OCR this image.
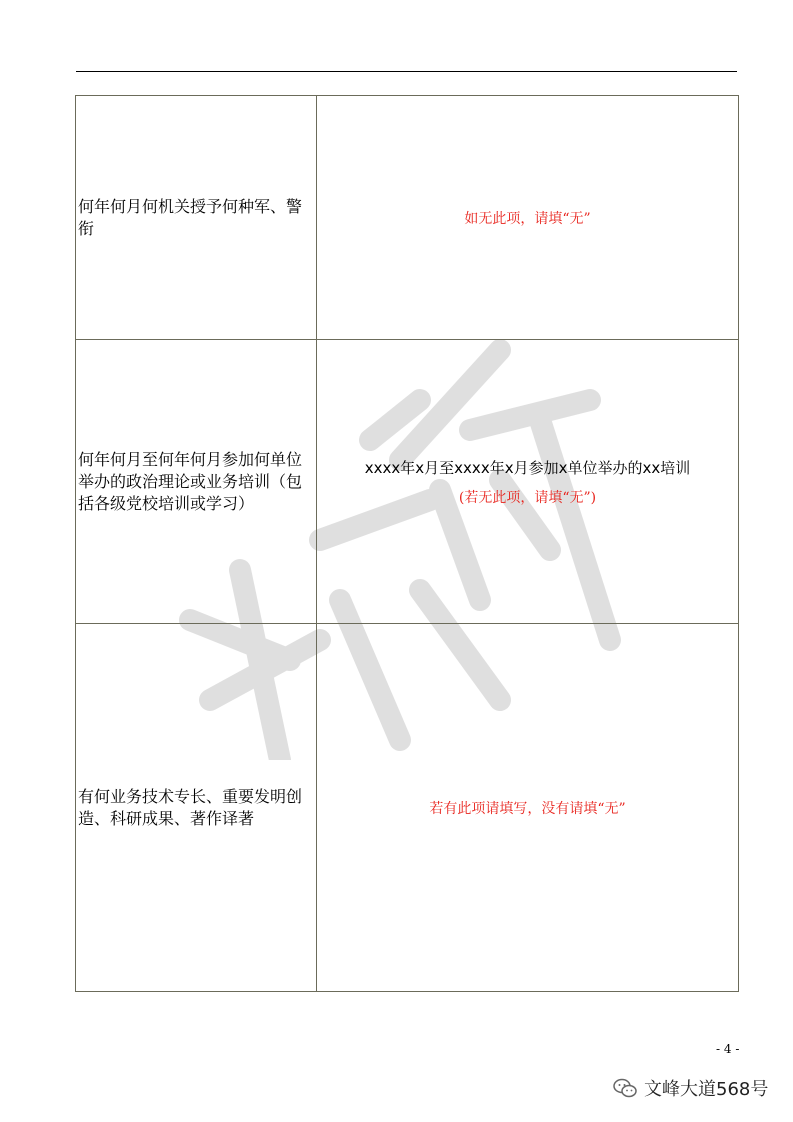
何年何月何机关授予何种军、警衔	如无此项，请填“无”

何年何月至何年何月参加何单位举办的政治理论或业务培训（包括各级党校培训或学习）	xxxx年x月至xxxx年x月参加x单位举办的xx培训
(若无此项，请填“无”)

有何业务技术专长、重要发明创造、科研成果、著作译著	若有此项请填写，没有请填“无”
- 4 -
文峰大道568号
